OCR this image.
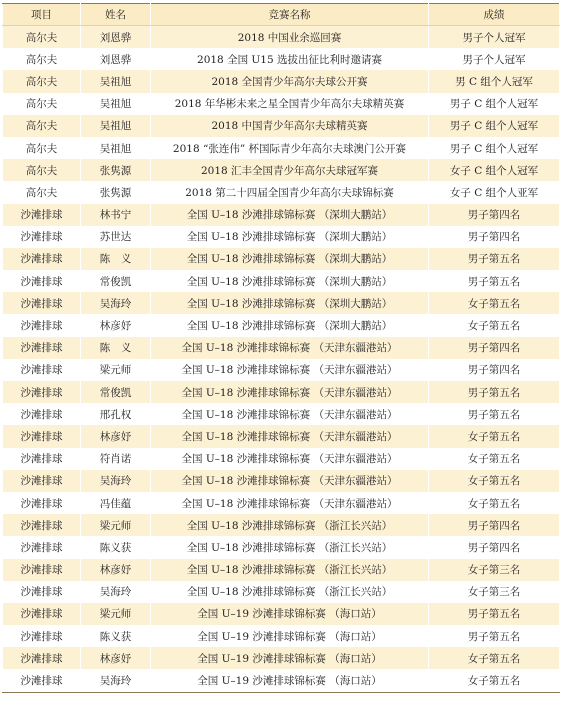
项目	姓名	竞赛名称	成绩
高尔夫	刘恩骅	2018 中国业余巡回赛	男子个人冠军
高尔夫	刘恩骅	2018 全国 U15 选拔出征比利时邀请赛	男子个人冠军
高尔夫	吴祖旭	2018 全国青少年高尔夫球公开赛	男 C 组个人冠军
高尔夫	吴祖旭	2018 年华彬未来之星全国青少年高尔夫球精英赛	男子 C 组个人冠军
高尔夫	吴祖旭	2018 中国青少年高尔夫球精英赛	男子 C 组个人冠军
高尔夫	吴祖旭	2018 “张连伟” 杯国际青少年高尔夫球澳门公开赛	男子 C 组个人冠军
高尔夫	张隽源	2018 汇丰全国青少年高尔夫球冠军赛	女子 C 组个人冠军
高尔夫	张隽源	2018 第二十四届全国青少年高尔夫球锦标赛	女子 C 组个人亚军
沙滩排球	林书宁	全国 U–18 沙滩排球锦标赛 （深圳大鹏站）	男子第四名
沙滩排球	苏世达	全国 U–18 沙滩排球锦标赛 （深圳大鹏站）	男子第四名
沙滩排球	陈　义	全国 U–18 沙滩排球锦标赛 （深圳大鹏站）	男子第五名
沙滩排球	常俊凯	全国 U–18 沙滩排球锦标赛 （深圳大鹏站）	男子第五名
沙滩排球	吴海玲	全国 U–18 沙滩排球锦标赛 （深圳大鹏站）	女子第五名
沙滩排球	林彦妤	全国 U–18 沙滩排球锦标赛 （深圳大鹏站）	女子第五名
沙滩排球	陈　义	全国 U–18 沙滩排球锦标赛 （天津东疆港站）	男子第四名
沙滩排球	梁元师	全国 U–18 沙滩排球锦标赛 （天津东疆港站）	男子第四名
沙滩排球	常俊凯	全国 U–18 沙滩排球锦标赛 （天津东疆港站）	男子第五名
沙滩排球	邢孔权	全国 U–18 沙滩排球锦标赛 （天津东疆港站）	男子第五名
沙滩排球	林彦妤	全国 U–18 沙滩排球锦标赛 （天津东疆港站）	女子第五名
沙滩排球	符肖诺	全国 U–18 沙滩排球锦标赛 （天津东疆港站）	女子第五名
沙滩排球	吴海玲	全国 U–18 沙滩排球锦标赛 （天津东疆港站）	女子第五名
沙滩排球	冯佳蕴	全国 U–18 沙滩排球锦标赛 （天津东疆港站）	女子第五名
沙滩排球	梁元师	全国 U–18 沙滩排球锦标赛 （浙江长兴站）	男子第四名
沙滩排球	陈义获	全国 U–18 沙滩排球锦标赛 （浙江长兴站）	男子第四名
沙滩排球	林彦妤	全国 U–18 沙滩排球锦标赛 （浙江长兴站）	女子第三名
沙滩排球	吴海玲	全国 U–18 沙滩排球锦标赛 （浙江长兴站）	女子第三名
沙滩排球	梁元师	全国 U–19 沙滩排球锦标赛 （海口站）	男子第五名
沙滩排球	陈义获	全国 U–19 沙滩排球锦标赛 （海口站）	男子第五名
沙滩排球	林彦妤	全国 U–19 沙滩排球锦标赛 （海口站）	女子第五名
沙滩排球	吴海玲	全国 U–19 沙滩排球锦标赛 （海口站）	女子第五名
